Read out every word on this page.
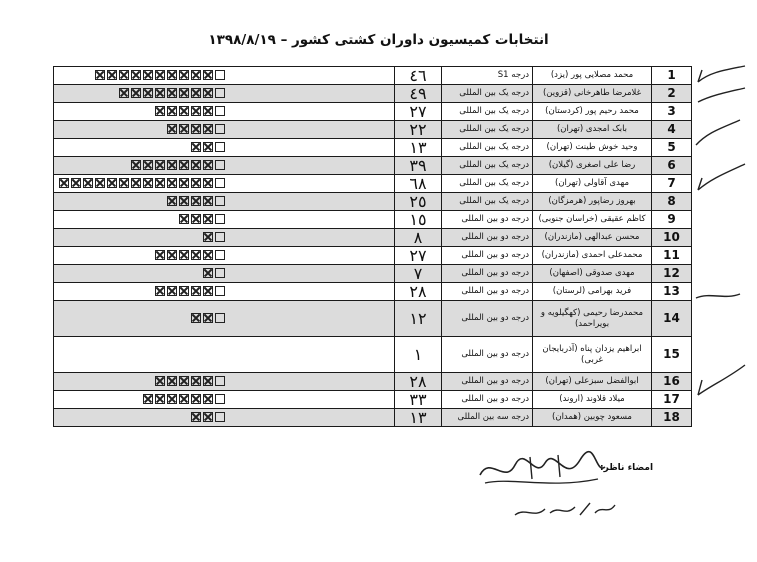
انتخابات کمیسیون داوران کشتی کشور – ۱۳۹۸/۸/۱۹
1	محمد مصلایی پور (یزد)	درجه S1	٤٦	
2	غلامرضا طاهرخانی (قزوین)	درجه یک بین المللی	٤٩	
3	محمد رحیم پور (کردستان)	درجه یک بین المللی	٢٧	
4	بابک امجدی (تهران)	درجه یک بین المللی	٢٢	
5	وحید خوش طینت (تهران)	درجه یک بین المللی	١٣	
6	رضا علی اصغری (گیلان)	درجه یک بین المللی	٣٩	
7	مهدی آقاولی (تهران)	درجه یک بین المللی	٦٨	
8	بهروز رضاپور (هرمزگان)	درجه یک بین المللی	٢٥	
9	کاظم عقیقی (خراسان جنوبی)	درجه دو بین المللی	١٥	
10	محسن عبدالهی (مازندران)	درجه دو بین المللی	٨	
11	محمدعلی احمدی (مازندران)	درجه دو بین المللی	٢٧	
12	مهدی صدوقی (اصفهان)	درجه دو بین المللی	٧	
13	فرید بهرامی (لرستان)	درجه دو بین المللی	٢٨	
14	محمدرضا رحیمی (کهگیلویه و بویراحمد)	درجه دو بین المللی	١٢	
15	ابراهیم یزدان پناه (آذربایجان غربی)	درجه دو بین المللی	١	
16	ابوالفضل سبزعلی (تهران)	درجه دو بین المللی	٢٨	
17	میلاد قلاوند (اروند)	درجه دو بین المللی	٣٣	
18	مسعود چوبین (همدان)	درجه سه بین المللی	١٣	
امضاء ناظر:
